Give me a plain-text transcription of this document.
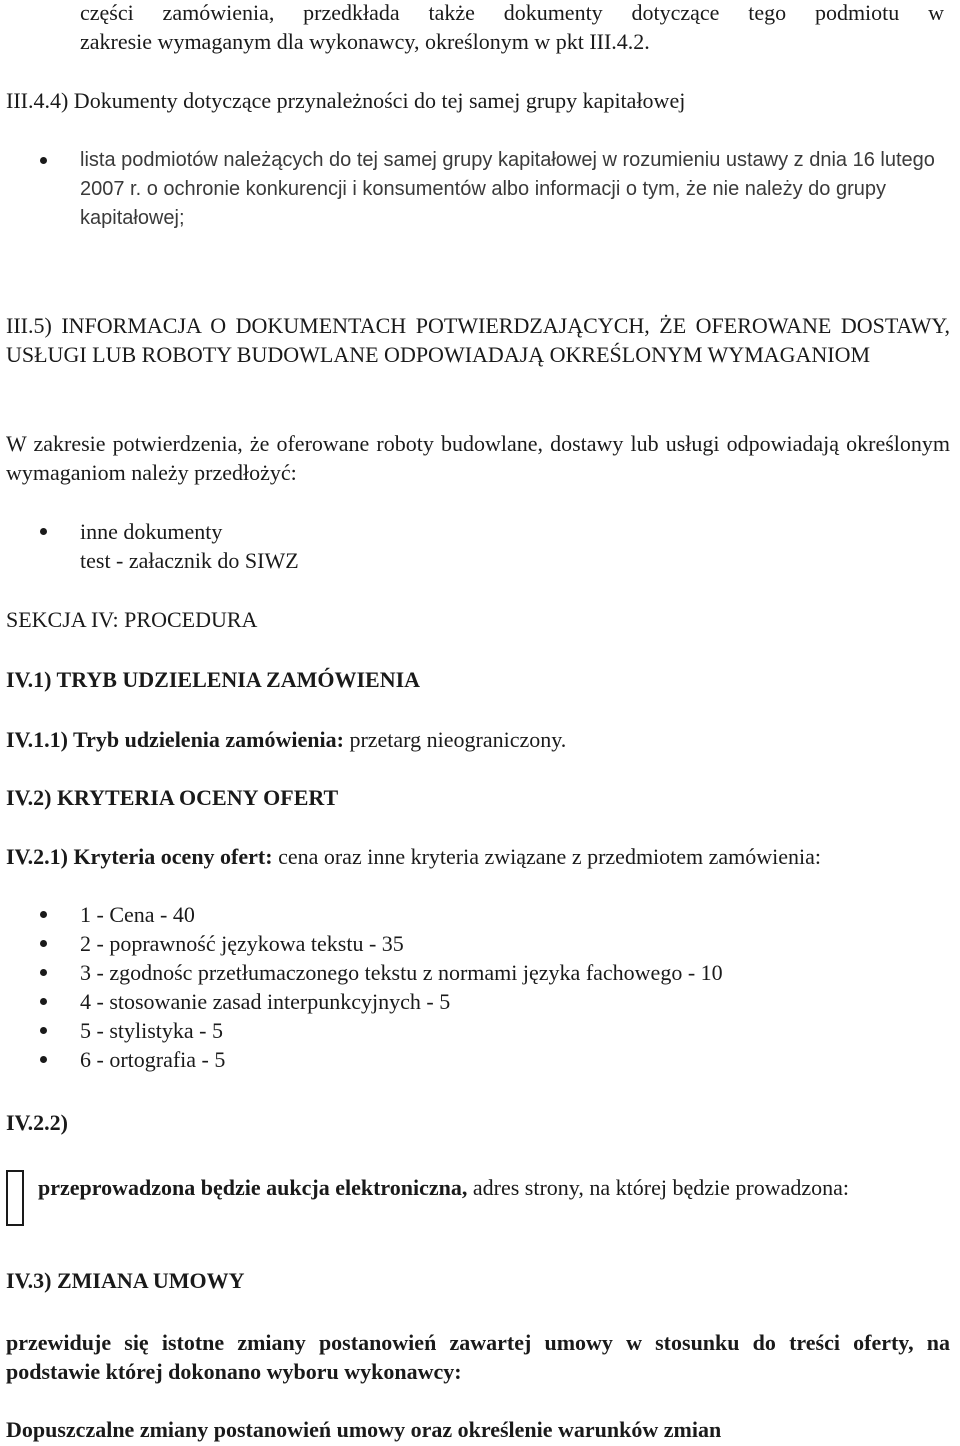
części zamówienia, przedkłada także dokumenty dotyczące tego podmiotu w
zakresie wymaganym dla wykonawcy, określonym w pkt III.4.2.

III.4.4) Dokumenty dotyczące przynależności do tej samej grupy kapitałowej

lista podmiotów należących do tej samej grupy kapitałowej w rozumieniu ustawy z dnia 16 lutego 2007 r. o ochronie konkurencji i konsumentów albo informacji o tym, że nie należy do grupy kapitałowej;

III.5) INFORMACJA O DOKUMENTACH POTWIERDZAJĄCYCH, ŻE OFEROWANE DOSTAWY, USŁUGI LUB ROBOTY BUDOWLANE ODPOWIADAJĄ OKREŚLONYM WYMAGANIOM

W zakresie potwierdzenia, że oferowane roboty budowlane, dostawy lub usługi odpowiadają określonym wymaganiom należy przedłożyć:

inne dokumenty
test - załacznik do SIWZ

SEKCJA IV: PROCEDURA

IV.1) TRYB UDZIELENIA ZAMÓWIENIA

IV.1.1) Tryb udzielenia zamówienia: przetarg nieograniczony.

IV.2) KRYTERIA OCENY OFERT

IV.2.1) Kryteria oceny ofert: cena oraz inne kryteria związane z przedmiotem zamówienia:

1 - Cena - 40
2 - poprawność językowa tekstu - 35
3 - zgodnośc przetłumaczonego tekstu z normami języka fachowego - 10
4 - stosowanie zasad interpunkcyjnych - 5
5 - stylistyka - 5
6 - ortografia - 5

IV.2.2)

przeprowadzona będzie aukcja elektroniczna, adres strony, na której będzie prowadzona:

IV.3) ZMIANA UMOWY

przewiduje się istotne zmiany postanowień zawartej umowy w stosunku do treści oferty, na podstawie której dokonano wyboru wykonawcy:

Dopuszczalne zmiany postanowień umowy oraz określenie warunków zmian
